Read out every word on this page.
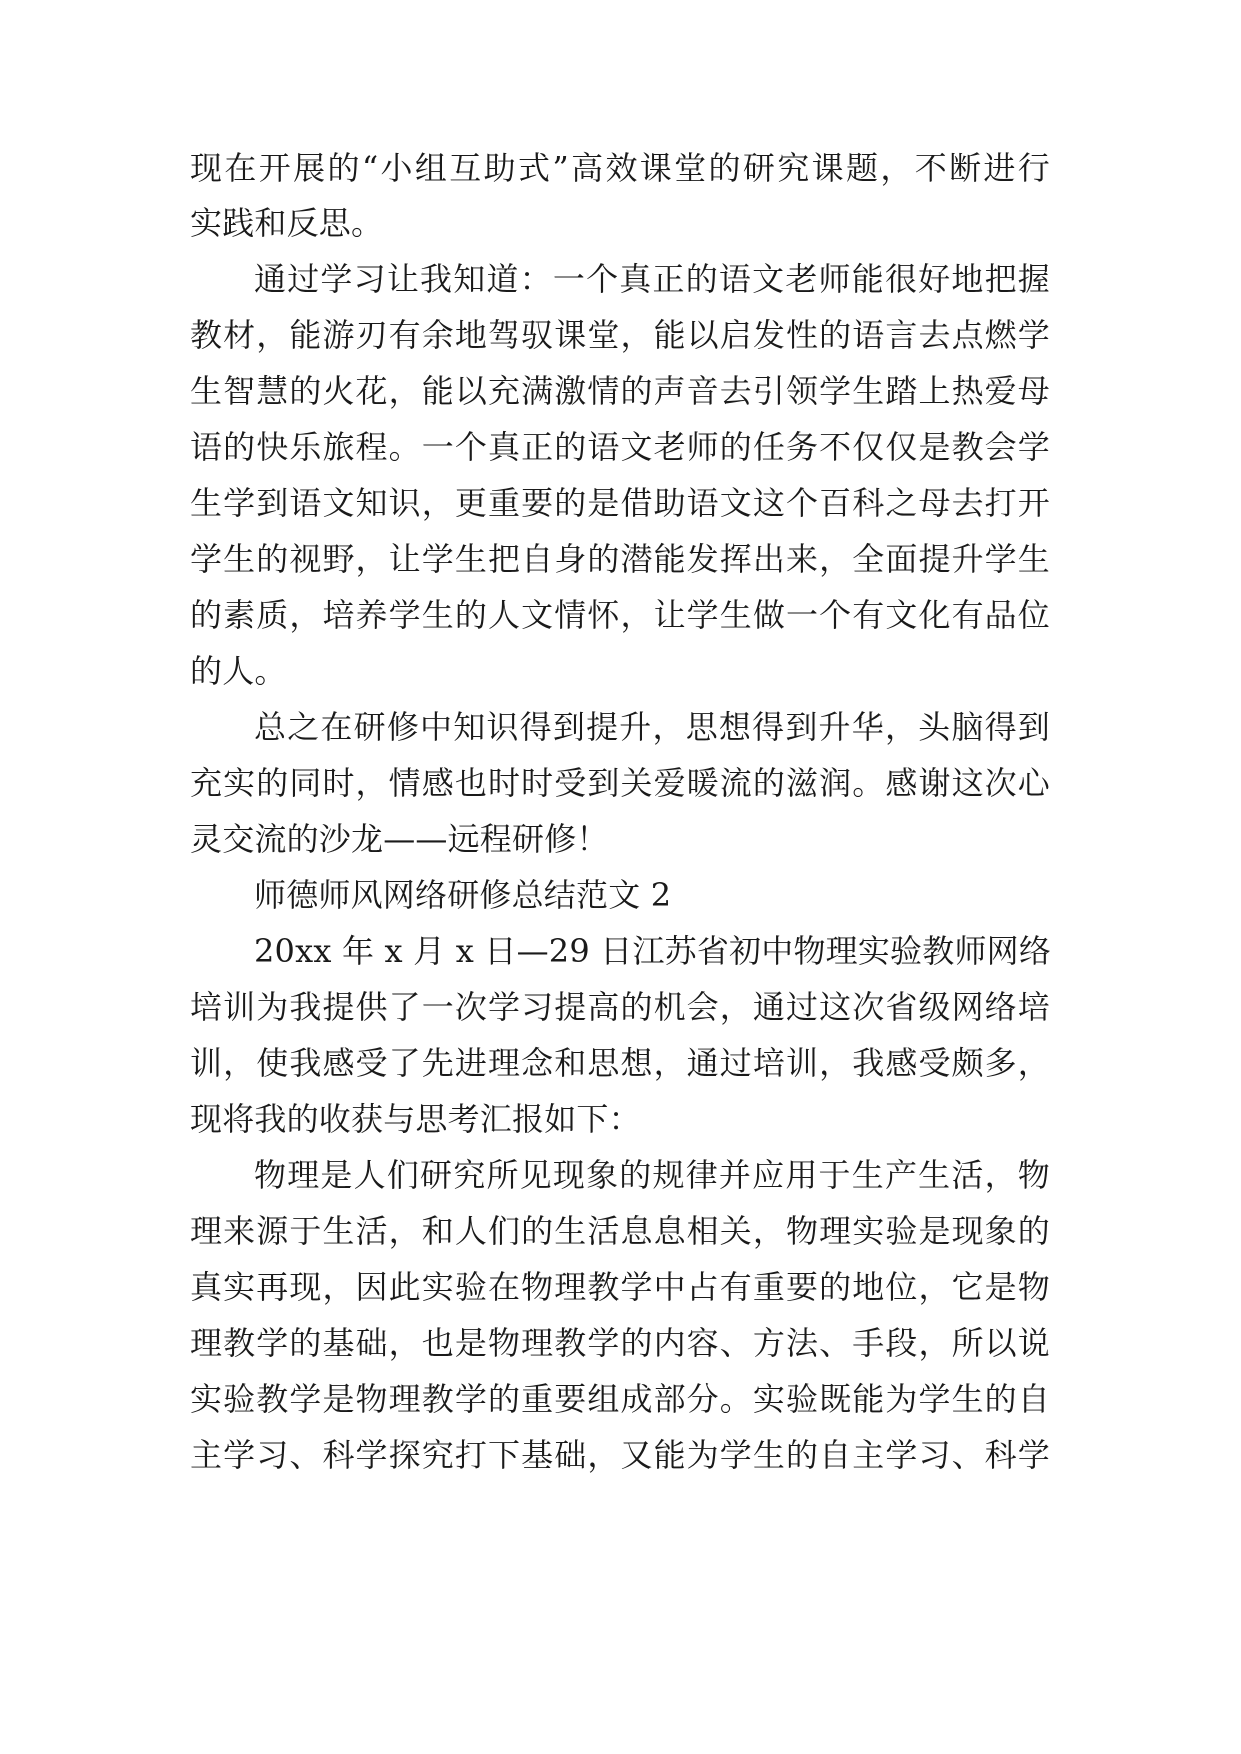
现在开展的“小组互助式”高效课堂的研究课题，不断进行
实践和反思。
通过学习让我知道：一个真正的语文老师能很好地把握
教材，能游刃有余地驾驭课堂，能以启发性的语言去点燃学
生智慧的火花，能以充满激情的声音去引领学生踏上热爱母
语的快乐旅程。一个真正的语文老师的任务不仅仅是教会学
生学到语文知识，更重要的是借助语文这个百科之母去打开
学生的视野，让学生把自身的潜能发挥出来，全面提升学生
的素质，培养学生的人文情怀，让学生做一个有文化有品位
的人。
总之在研修中知识得到提升，思想得到升华，头脑得到
充实的同时，情感也时时受到关爱暖流的滋润。感谢这次心
灵交流的沙龙——远程研修！
师德师风网络研修总结范文 2
20xx 年 x 月 x 日—29 日江苏省初中物理实验教师网络
培训为我提供了一次学习提高的机会，通过这次省级网络培
训，使我感受了先进理念和思想，通过培训，我感受颇多，
现将我的收获与思考汇报如下：
物理是人们研究所见现象的规律并应用于生产生活，物
理来源于生活，和人们的生活息息相关，物理实验是现象的
真实再现，因此实验在物理教学中占有重要的地位，它是物
理教学的基础，也是物理教学的内容、方法、手段，所以说
实验教学是物理教学的重要组成部分。实验既能为学生的自
主学习、科学探究打下基础，又能为学生的自主学习、科学
